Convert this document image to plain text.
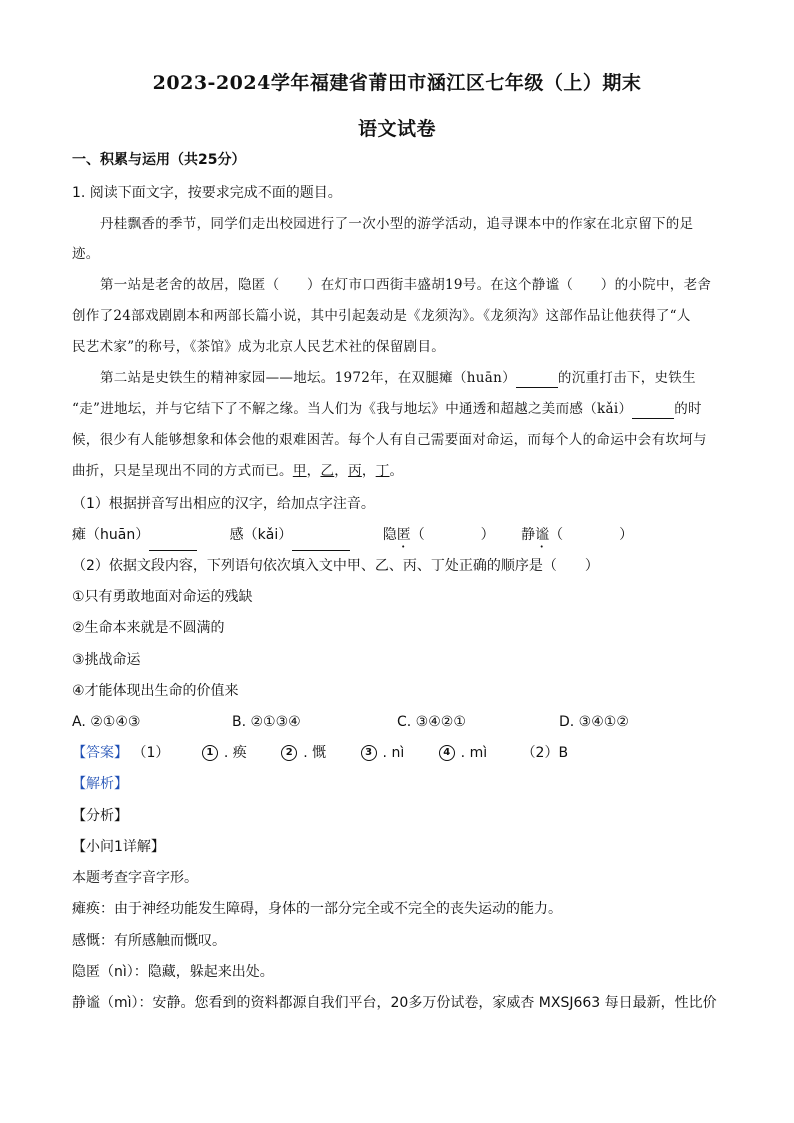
2023-2024学年福建省莆田市涵江区七年级（上）期末
语文试卷
一、积累与运用（共25分）
1. 阅读下面文字，按要求完成不面的题目。
丹桂飘香的季节，同学们走出校园进行了一次小型的游学活动，追寻课本中的作家在北京留下的足
迹。
第一站是老舍的故居，隐匿（　　）在灯市口西街丰盛胡19号。在这个静谧（　　）的小院中，老舍
创作了24部戏剧剧本和两部长篇小说，其中引起轰动是《龙须沟》。《龙须沟》这部作品让他获得了“人
民艺术家”的称号，《茶馆》成为北京人民艺术社的保留剧目。
第二站是史铁生的精神家园——地坛。1972年，在双腿瘫（huān）	的沉重打击下，史铁生
“走”进地坛，并与它结下了不解之缘。当人们为《我与地坛》中通透和超越之美而感（kǎi）	的时
候，很少有人能够想象和体会他的艰难困苦。每个人有自己需要面对命运，而每个人的命运中会有坎坷与
曲折，只是呈现出不同的方式而已。甲，乙，丙，丁。
（1）根据拼音写出相应的汉字，给加点字注音。
瘫（huān）	感（kǎi）	隐匿（　　　　） 静谧（　　　　）
（2）依据文段内容，下列语句依次填入文中甲、乙、丙、丁处正确的顺序是（　　）
①只有勇敢地面对命运的残缺
②生命本来就是不圆满的
③挑战命运
④才能体现出生命的价值来
A. ②①④③	B. ②①③④	C. ③④②①	D. ③④①②
【答案】 （1）	1 . 痪	2 . 慨	3 . nì	4 . mì （2）B
【解析】
【分析】
【小问1详解】
本题考查字音字形。
瘫痪：由于神经功能发生障碍，身体的一部分完全或不完全的丧失运动的能力。
感慨：有所感触而慨叹。
隐匿（nì）：隐藏，躲起来出处。
静谧（mì）：安静。您看到的资料都源自我们平台，20多万份试卷，家威杏 MXSJ663 每日最新，性比价
